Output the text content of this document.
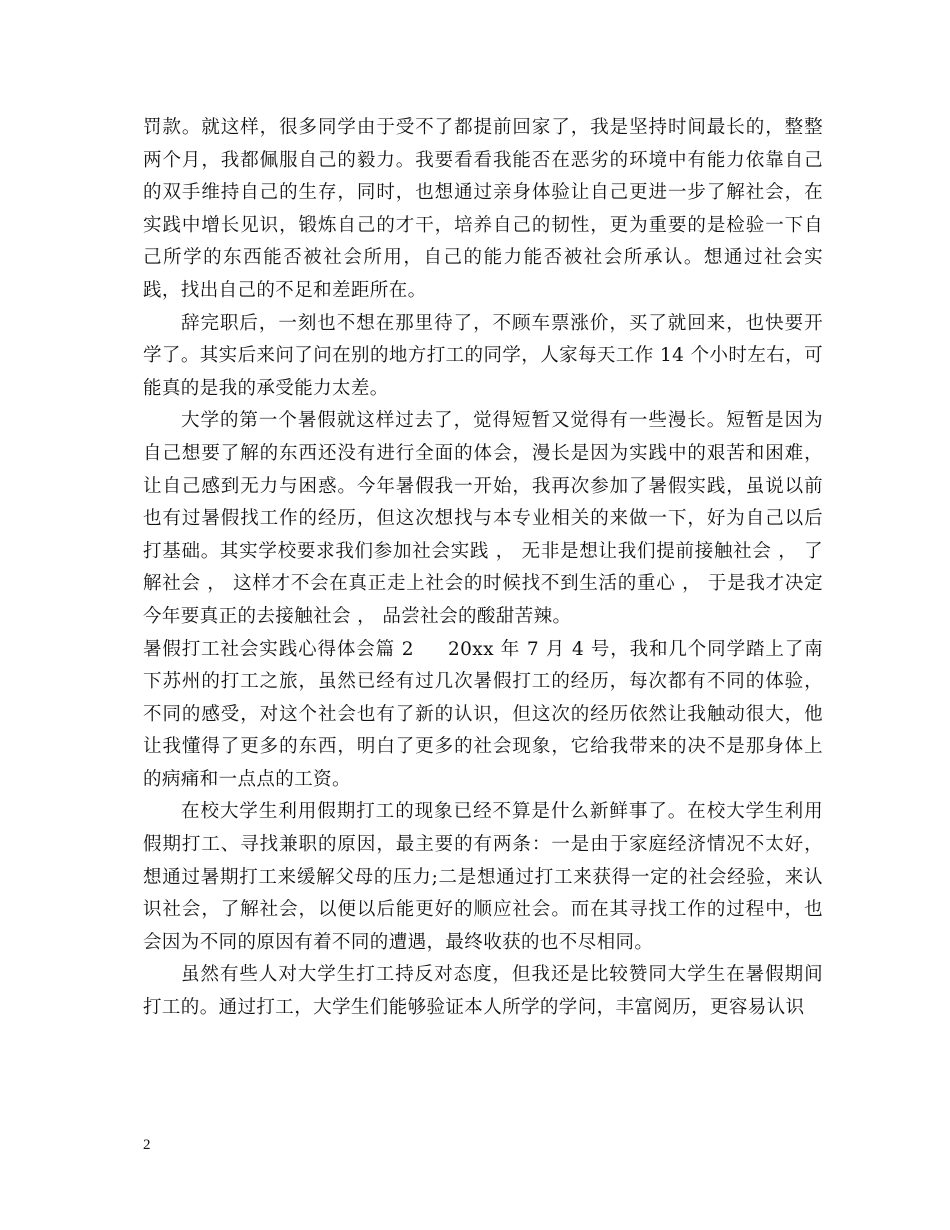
罚款。就这样，很多同学由于受不了都提前回家了，我是坚持时间最长的，整整两个月，我都佩服自己的毅力。我要看看我能否在恶劣的环境中有能力依靠自己的双手维持自己的生存，同时，也想通过亲身体验让自己更进一步了解社会，在实践中增长见识，锻炼自己的才干，培养自己的韧性，更为重要的是检验一下自己所学的东西能否被社会所用，自己的能力能否被社会所承认。想通过社会实践，找出自己的不足和差距所在。

辞完职后，一刻也不想在那里待了，不顾车票涨价，买了就回来，也快要开学了。其实后来问了问在别的地方打工的同学，人家每天工作 14 个小时左右，可能真的是我的承受能力太差。

大学的第一个暑假就这样过去了，觉得短暂又觉得有一些漫长。短暂是因为自己想要了解的东西还没有进行全面的体会，漫长是因为实践中的艰苦和困难，让自己感到无力与困惑。今年暑假我一开始，我再次参加了暑假实践，虽说以前也有过暑假找工作的经历，但这次想找与本专业相关的来做一下，好为自己以后打基础。其实学校要求我们参加社会实践 ， 无非是想让我们提前接触社会 ， 了解社会 ， 这样才不会在真正走上社会的时候找不到生活的重心 ， 于是我才决定今年要真正的去接触社会 ， 品尝社会的酸甜苦辣。

暑假打工社会实践心得体会篇 2 20xx 年 7 月 4 号，我和几个同学踏上了南下苏州的打工之旅，虽然已经有过几次暑假打工的经历，每次都有不同的体验，不同的感受，对这个社会也有了新的认识，但这次的经历依然让我触动很大，他让我懂得了更多的东西，明白了更多的社会现象，它给我带来的决不是那身体上的病痛和一点点的工资。

在校大学生利用假期打工的现象已经不算是什么新鲜事了。在校大学生利用假期打工、寻找兼职的原因，最主要的有两条：一是由于家庭经济情况不太好，想通过暑期打工来缓解父母的压力;二是想通过打工来获得一定的社会经验，来认识社会，了解社会，以便以后能更好的顺应社会。而在其寻找工作的过程中，也会因为不同的原因有着不同的遭遇，最终收获的也不尽相同。

虽然有些人对大学生打工持反对态度，但我还是比较赞同大学生在暑假期间打工的。通过打工，大学生们能够验证本人所学的学问，丰富阅历，更容易认识

2
